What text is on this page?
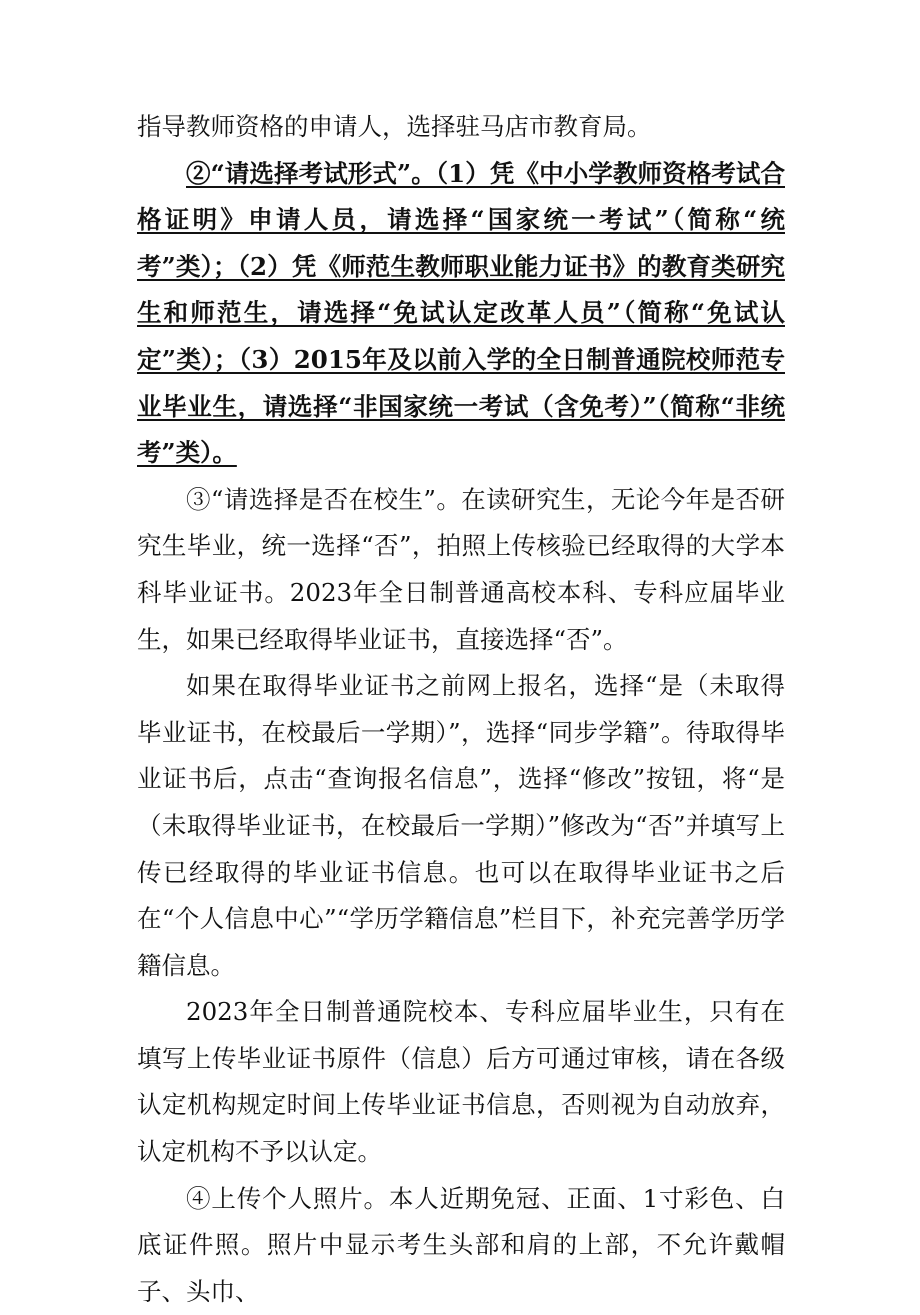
指导教师资格的申请人，选择驻马店市教育局。

②“请选择考试形式”。（1）凭《中小学教师资格考试合格证明》申请人员，请选择“国家统一考试”（简称“统考”类）；（2）凭《师范生教师职业能力证书》的教育类研究生和师范生，请选择“免试认定改革人员”（简称“免试认定”类）；（3）2015年及以前入学的全日制普通院校师范专业毕业生，请选择“非国家统一考试（含免考）”（简称“非统考”类）。

③“请选择是否在校生”。在读研究生，无论今年是否研究生毕业，统一选择“否”，拍照上传核验已经取得的大学本科毕业证书。2023年全日制普通高校本科、专科应届毕业生，如果已经取得毕业证书，直接选择“否”。

如果在取得毕业证书之前网上报名，选择“是（未取得毕业证书，在校最后一学期）”，选择“同步学籍”。待取得毕业证书后，点击“查询报名信息”，选择“修改”按钮，将“是（未取得毕业证书，在校最后一学期）”修改为“否”并填写上传已经取得的毕业证书信息。也可以在取得毕业证书之后在“个人信息中心”“学历学籍信息”栏目下，补充完善学历学籍信息。

2023年全日制普通院校本、专科应届毕业生，只有在填写上传毕业证书原件（信息）后方可通过审核，请在各级认定机构规定时间上传毕业证书信息，否则视为自动放弃，认定机构不予以认定。

④上传个人照片。本人近期免冠、正面、1寸彩色、白底证件照。照片中显示考生头部和肩的上部，不允许戴帽子、头巾、
